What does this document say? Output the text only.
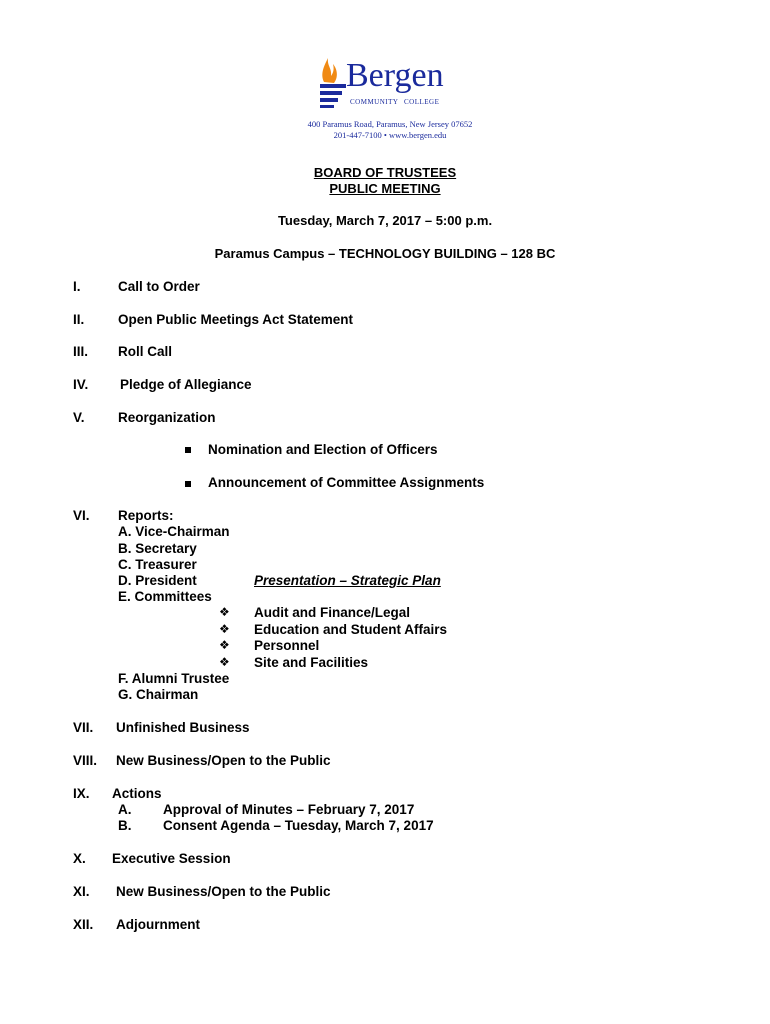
Bergen
COMMUNITY COLLEGE
400 Paramus Road, Paramus, New Jersey 07652
201-447-7100 • www.bergen.edu
BOARD OF TRUSTEES
PUBLIC MEETING
Tuesday, March 7, 2017 – 5:00 p.m.
Paramus Campus – TECHNOLOGY BUILDING – 128 BC
I.	Call to Order
II. Open Public Meetings Act Statement
III. Roll Call
IV. Pledge of Allegiance
V. Reorganization
Nomination and Election of Officers
Announcement of Committee Assignments
VI. Reports:
A. Vice-Chairman
B. Secretary
C. Treasurer
D. President	Presentation – Strategic Plan
E. Committees
❖ Audit and Finance/Legal
❖ Education and Student Affairs
❖ Personnel
❖ Site and Facilities
F. Alumni Trustee
G. Chairman
VII. Unfinished Business
VIII. New Business/Open to the Public
IX. Actions
A. Approval of Minutes – February 7, 2017
B. Consent Agenda – Tuesday, March 7, 2017
X. Executive Session
XI. New Business/Open to the Public
XII. Adjournment
